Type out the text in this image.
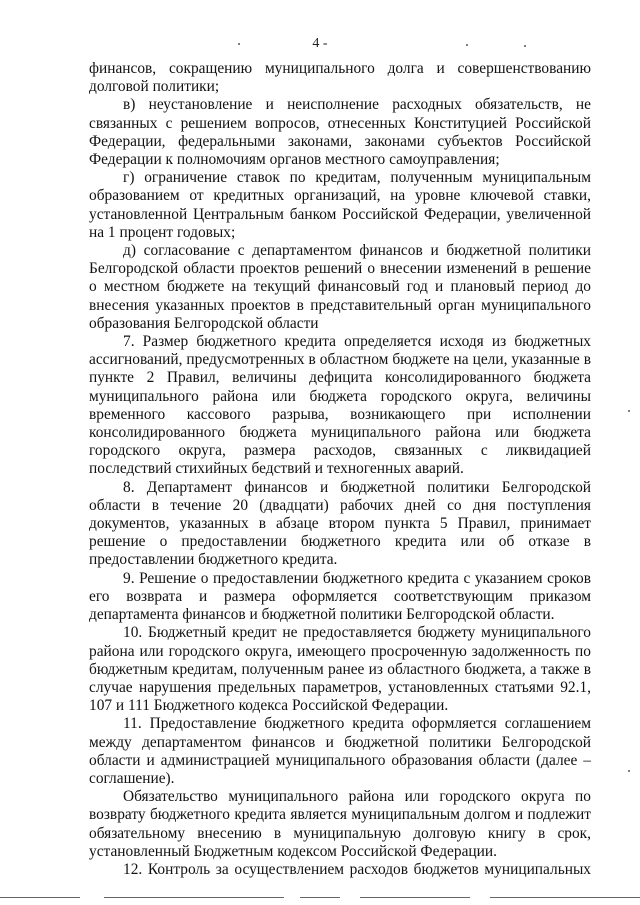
4 -

финансов, сокращению муниципального долга и совершенствованию долговой политики;

в) неустановление и неисполнение расходных обязательств, не связанных с решением вопросов, отнесенных Конституцией Российской Федерации, федеральными законами, законами субъектов Российской Федерации к полномочиям органов местного самоуправления;

г) ограничение ставок по кредитам, полученным муниципальным образованием от кредитных организаций, на уровне ключевой ставки, установленной Центральным банком Российской Федерации, увеличенной на 1 процент годовых;

д) согласование с департаментом финансов и бюджетной политики Белгородской области проектов решений о внесении изменений в решение о местном бюджете на текущий финансовый год и плановый период до внесения указанных проектов в представительный орган муниципального образования Белгородской области

7. Размер бюджетного кредита определяется исходя из бюджетных ассигнований, предусмотренных в областном бюджете на цели, указанные в пункте 2 Правил, величины дефицита консолидированного бюджета муниципального района или бюджета городского округа, величины временного кассового разрыва, возникающего при исполнении консолидированного бюджета муниципального района или бюджета городского округа, размера расходов, связанных с ликвидацией последствий стихийных бедствий и техногенных аварий.

8. Департамент финансов и бюджетной политики Белгородской области в течение 20 (двадцати) рабочих дней со дня поступления документов, указанных в абзаце втором пункта 5 Правил, принимает решение о предоставлении бюджетного кредита или об отказе в предоставлении бюджетного кредита.

9. Решение о предоставлении бюджетного кредита с указанием сроков его возврата и размера оформляется соответствующим приказом департамента финансов и бюджетной политики Белгородской области.

10. Бюджетный кредит не предоставляется бюджету муниципального района или городского округа, имеющего просроченную задолженность по бюджетным кредитам, полученным ранее из областного бюджета, а также в случае нарушения предельных параметров, установленных статьями 92.1, 107 и 111 Бюджетного кодекса Российской Федерации.

11. Предоставление бюджетного кредита оформляется соглашением между департаментом финансов и бюджетной политики Белгородской области и администрацией муниципального образования области (далее – соглашение).

Обязательство муниципального района или городского округа по возврату бюджетного кредита является муниципальным долгом и подлежит обязательному внесению в муниципальную долговую книгу в срок, установленный Бюджетным кодексом Российской Федерации.

12. Контроль за осуществлением расходов бюджетов муниципальных
